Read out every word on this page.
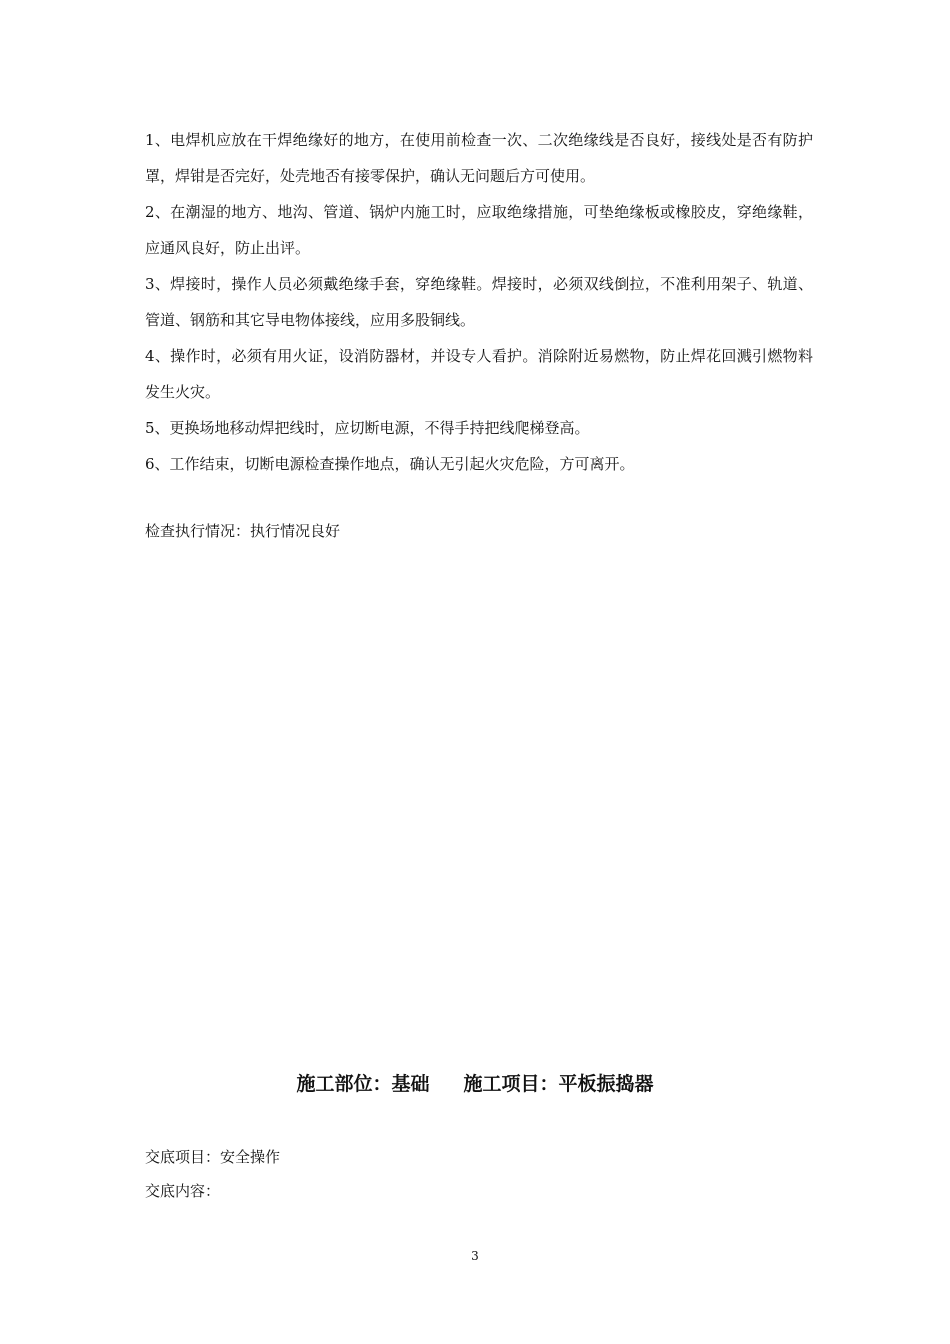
1、电焊机应放在干焊绝缘好的地方，在使用前检查一次、二次绝缘线是否良好，接线处是否有防护罩，焊钳是否完好，处壳地否有接零保护，确认无问题后方可使用。

2、在潮湿的地方、地沟、管道、锅炉内施工时，应取绝缘措施，可垫绝缘板或橡胶皮，穿绝缘鞋，应通风良好，防止出评。

3、焊接时，操作人员必须戴绝缘手套，穿绝缘鞋。焊接时，必须双线倒拉，不准利用架子、轨道、管道、钢筋和其它导电物体接线，应用多股铜线。

4、操作时，必须有用火证，设消防器材，并设专人看护。消除附近易燃物，防止焊花回溅引燃物料发生火灾。

5、更换场地移动焊把线时，应切断电源，不得手持把线爬梯登高。

6、工作结束，切断电源检查操作地点，确认无引起火灾危险，方可离开。

检查执行情况：执行情况良好
施工部位：基础 施工项目：平板振捣器
交底项目：安全操作
交底内容：
3
